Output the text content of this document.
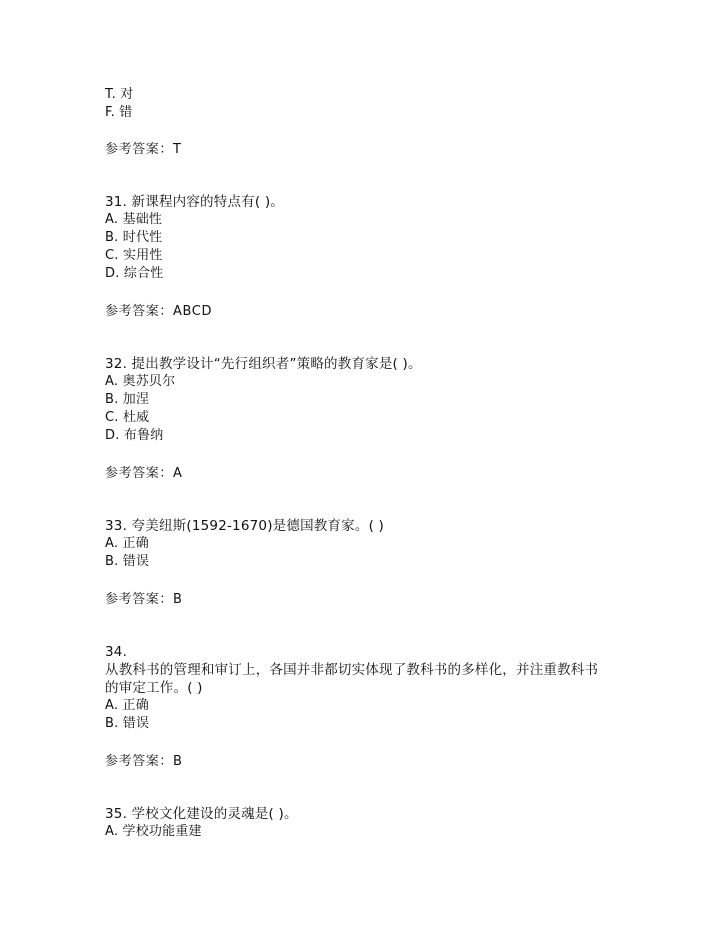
T. 对
F. 错
参考答案：T
31. 新课程内容的特点有( )。
A. 基础性
B. 时代性
C. 实用性
D. 综合性
参考答案：ABCD
32. 提出教学设计“先行组织者”策略的教育家是( )。
A. 奥苏贝尔
B. 加涅
C. 杜威
D. 布鲁纳
参考答案：A
33. 夸美纽斯(1592-1670)是德国教育家。( )
A. 正确
B. 错误
参考答案：B
34.
从教科书的管理和审订上，各国并非都切实体现了教科书的多样化，并注重教科书
的审定工作。( )
A. 正确
B. 错误
参考答案：B
35. 学校文化建设的灵魂是( )。
A. 学校功能重建
